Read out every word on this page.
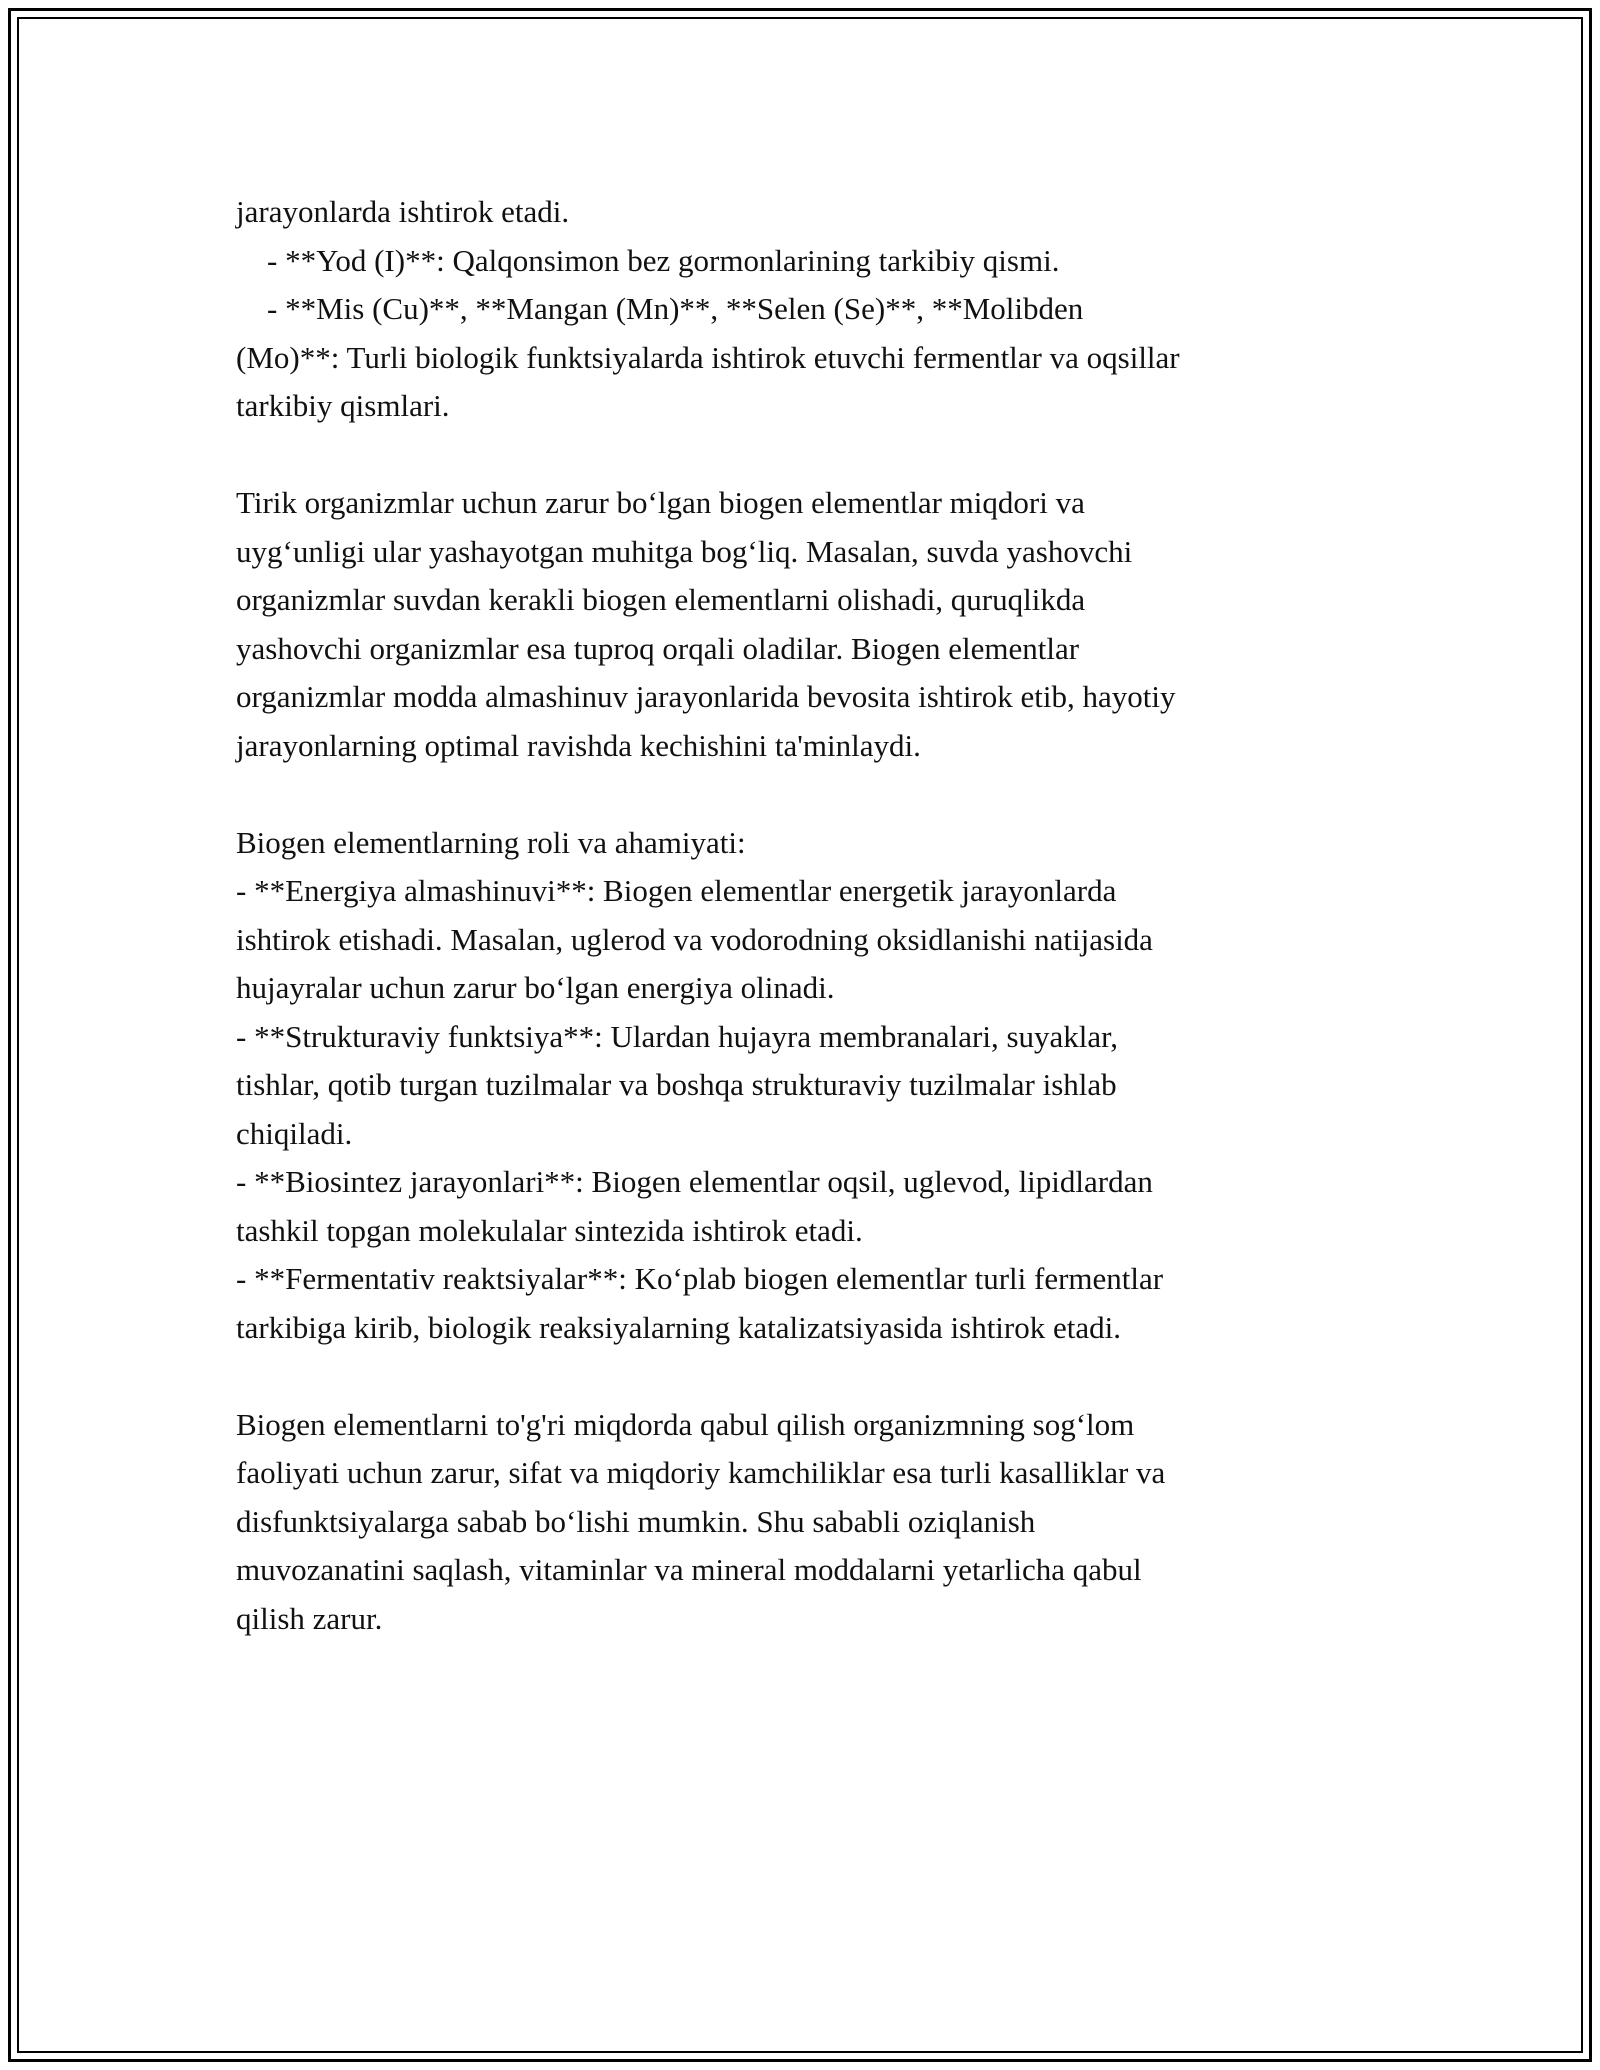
jarayonlarda ishtirok etadi.
- **Yod (I)**: Qalqonsimon bez gormonlarining tarkibiy qismi.
- **Mis (Cu)**, **Mangan (Mn)**, **Selen (Se)**, **Molibden
(Mo)**: Turli biologik funktsiyalarda ishtirok etuvchi fermentlar va oqsillar
tarkibiy qismlari.
Tirik organizmlar uchun zarur bo‘lgan biogen elementlar miqdori va
uyg‘unligi ular yashayotgan muhitga bog‘liq. Masalan, suvda yashovchi
organizmlar suvdan kerakli biogen elementlarni olishadi, quruqlikda
yashovchi organizmlar esa tuproq orqali oladilar. Biogen elementlar
organizmlar modda almashinuv jarayonlarida bevosita ishtirok etib, hayotiy
jarayonlarning optimal ravishda kechishini ta'minlaydi.
Biogen elementlarning roli va ahamiyati:
- **Energiya almashinuvi**: Biogen elementlar energetik jarayonlarda
ishtirok etishadi. Masalan, uglerod va vodorodning oksidlanishi natijasida
hujayralar uchun zarur bo‘lgan energiya olinadi.
- **Strukturaviy funktsiya**: Ulardan hujayra membranalari, suyaklar,
tishlar, qotib turgan tuzilmalar va boshqa strukturaviy tuzilmalar ishlab
chiqiladi.
- **Biosintez jarayonlari**: Biogen elementlar oqsil, uglevod, lipidlardan
tashkil topgan molekulalar sintezida ishtirok etadi.
- **Fermentativ reaktsiyalar**: Ko‘plab biogen elementlar turli fermentlar
tarkibiga kirib, biologik reaksiyalarning katalizatsiyasida ishtirok etadi.
Biogen elementlarni to'g'ri miqdorda qabul qilish organizmning sog‘lom
faoliyati uchun zarur, sifat va miqdoriy kamchiliklar esa turli kasalliklar va
disfunktsiyalarga sabab bo‘lishi mumkin. Shu sababli oziqlanish
muvozanatini saqlash, vitaminlar va mineral moddalarni yetarlicha qabul
qilish zarur.
